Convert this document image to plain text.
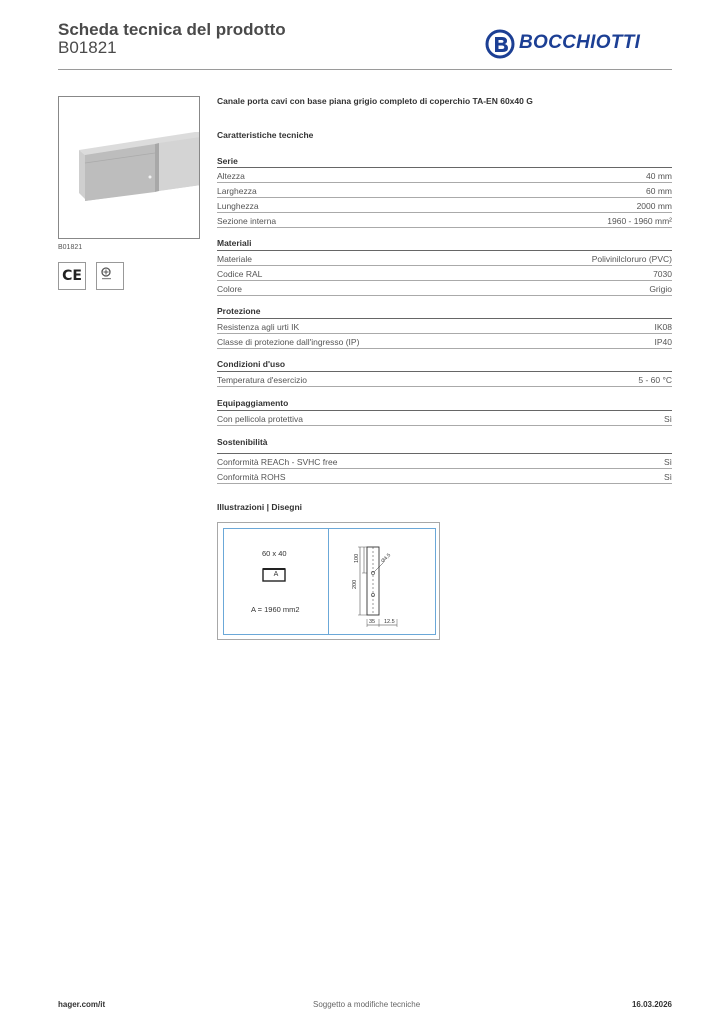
Scheda tecnica del prodotto
B01821	BOCCHIOTTI
B01821
CE
Canale porta cavi con base piana grigio completo di coperchio TA-EN 60x40 G
Caratteristiche tecniche
Serie
Altezza	40 mm
Larghezza	60 mm
Lunghezza	2000 mm
Sezione interna	1960 - 1960 mm²
Materiali
Materiale	Polivinilcloruro (PVC)
Codice RAL	7030
Colore	Grigio
Protezione
Resistenza agli urti IK	IK08
Classe di protezione dall'ingresso (IP)	IP40
Condizioni d'uso
Temperatura d'esercizio	5 - 60 °C
Equipaggiamento
Con pellicola protettiva	Sì
Sostenibilità
Conformità REACh - SVHC free	Sì
Conformità ROHS	Sì
Illustrazioni | Disegni
60 x 40
A
A = 1960 mm2
100
200
Ø4,5
35 12.5
hager.com/it	Soggetto a modifiche tecniche	16.03.2026
